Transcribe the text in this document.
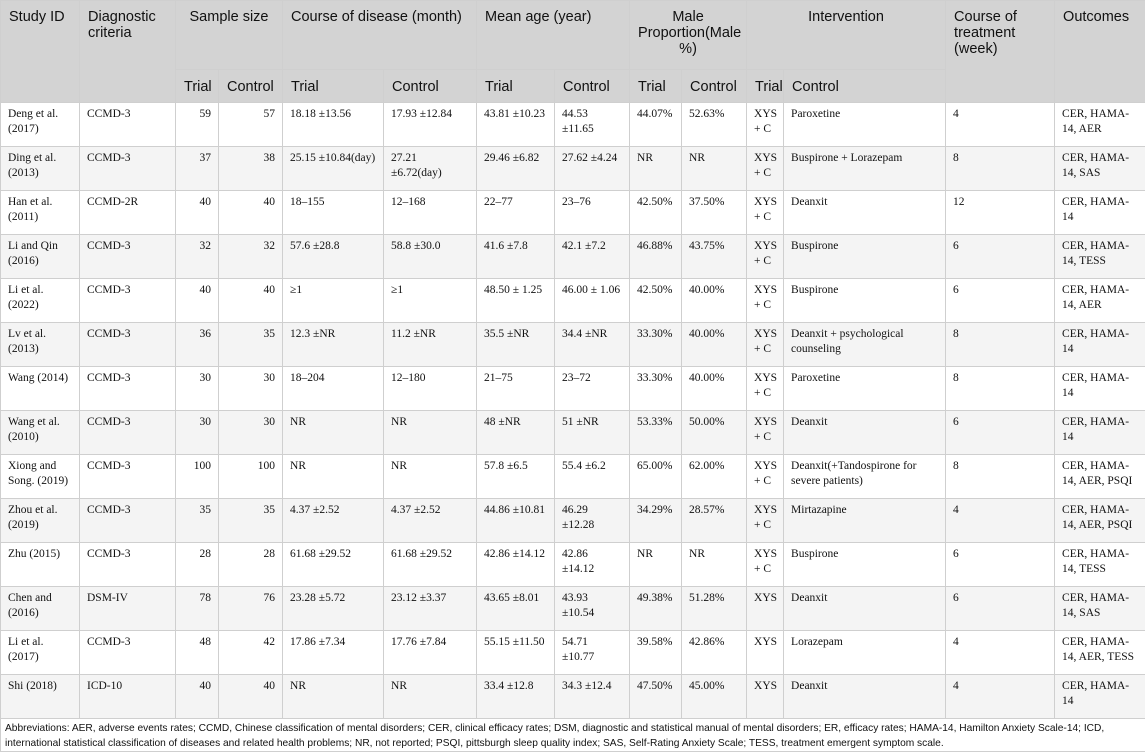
Study ID	Diagnostic criteria	Sample size		Course of disease (month)		Mean age (year)		Male Proportion(Male %)		Intervention		Course of treatment (week)	Outcomes
		Trial	Control	Trial	Control	Trial	Control	Trial	Control	Trial	Control		
Deng et al. (2017)	CCMD-3	59	57	18.18 ±13.56	17.93 ±12.84	43.81 ±10.23	44.53 ±11.65	44.07%	52.63%	XYS + C	Paroxetine	4	CER, HAMA-14, AER
Ding et al. (2013)	CCMD-3	37	38	25.15 ±10.84(day)	27.21 ±6.72(day)	29.46 ±6.82	27.62 ±4.24	NR	NR	XYS + C	Buspirone + Lorazepam	8	CER, HAMA-14, SAS
Han et al. (2011)	CCMD-2R	40	40	18–155	12–168	22–77	23–76	42.50%	37.50%	XYS + C	Deanxit	12	CER, HAMA-14
Li and Qin (2016)	CCMD-3	32	32	57.6 ±28.8	58.8 ±30.0	41.6 ±7.8	42.1 ±7.2	46.88%	43.75%	XYS + C	Buspirone	6	CER, HAMA-14, TESS
Li et al. (2022)	CCMD-3	40	40	≥1	≥1	48.50 ± 1.25	46.00 ± 1.06	42.50%	40.00%	XYS + C	Buspirone	6	CER, HAMA-14, AER
Lv et al. (2013)	CCMD-3	36	35	12.3 ±NR	11.2 ±NR	35.5 ±NR	34.4 ±NR	33.30%	40.00%	XYS + C	Deanxit + psychological counseling	8	CER, HAMA-14
Wang (2014)	CCMD-3	30	30	18–204	12–180	21–75	23–72	33.30%	40.00%	XYS + C	Paroxetine	8	CER, HAMA-14
Wang et al. (2010)	CCMD-3	30	30	NR	NR	48 ±NR	51 ±NR	53.33%	50.00%	XYS + C	Deanxit	6	CER, HAMA-14
Xiong and Song. (2019)	CCMD-3	100	100	NR	NR	57.8 ±6.5	55.4 ±6.2	65.00%	62.00%	XYS + C	Deanxit(+Tandospirone for severe patients)	8	CER, HAMA-14, AER, PSQI
Zhou et al. (2019)	CCMD-3	35	35	4.37 ±2.52	4.37 ±2.52	44.86 ±10.81	46.29 ±12.28	34.29%	28.57%	XYS + C	Mirtazapine	4	CER, HAMA-14, AER, PSQI
Zhu (2015)	CCMD-3	28	28	61.68 ±29.52	61.68 ±29.52	42.86 ±14.12	42.86 ±14.12	NR	NR	XYS + C	Buspirone	6	CER, HAMA-14, TESS
Chen and (2016)	DSM-IV	78	76	23.28 ±5.72	23.12 ±3.37	43.65 ±8.01	43.93 ±10.54	49.38%	51.28%	XYS	Deanxit	6	CER, HAMA-14, SAS
Li et al. (2017)	CCMD-3	48	42	17.86 ±7.34	17.76 ±7.84	55.15 ±11.50	54.71 ±10.77	39.58%	42.86%	XYS	Lorazepam	4	CER, HAMA-14, AER, TESS
Shi (2018)	ICD-10	40	40	NR	NR	33.4 ±12.8	34.3 ±12.4	47.50%	45.00%	XYS	Deanxit	4	CER, HAMA-14
Abbreviations: AER, adverse events rates; CCMD, Chinese classification of mental disorders; CER, clinical efficacy rates; DSM, diagnostic and statistical manual of mental disorders; ER, efficacy rates; HAMA-14, Hamilton Anxiety Scale-14; ICD, international statistical classification of diseases and related health problems; NR, not reported; PSQI, pittsburgh sleep quality index; SAS, Self-Rating Anxiety Scale; TESS, treatment emergent symptom scale.													
